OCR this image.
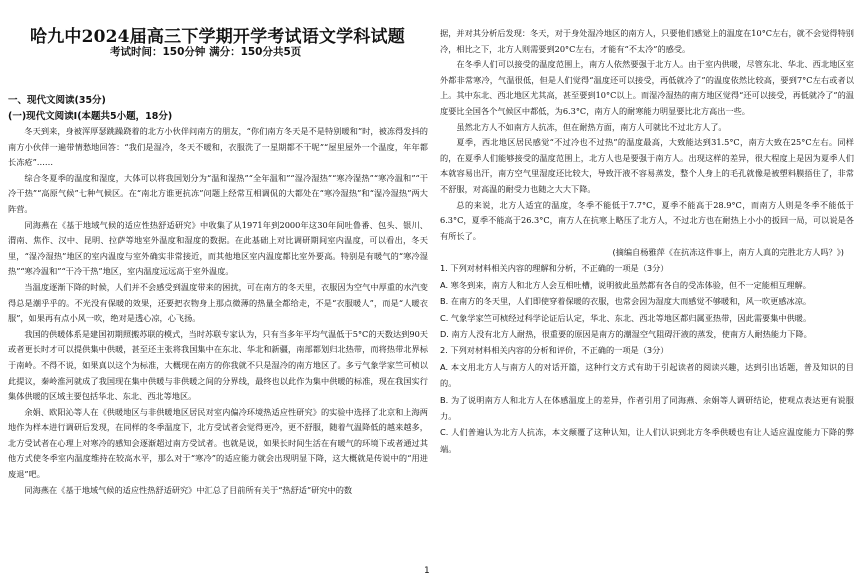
哈九中2024届高三下学期开学考试语文学科试题
考试时间：150分钟 满分：150分共5页
一、现代文阅读(35分)
(一)现代文阅读Ⅰ(本题共5小题，18分)

冬天到来，身被浑厚瑟跳躁跷着的北方小伙伴问南方的朋友，“你们南方冬天是不是特别暖和”时，被冻得发抖的南方小伙伴一遍带情愁地回答：“我们是湿冷，冬天不暖和，衣服洗了一星期都不干呢”“屋里屋外一个温度，年年都长冻疮”……

综合冬夏季的温度和湿度，大体可以将我国划分为“温和湿热”“全年温和”“湿冷湿热”“寒冷湿热”“寒冷温和”“干冷干热”“高原气候”七种气候区。在“南北方谁更抗冻”问题上经常互相调侃的大都处在“寒冷湿热”和“湿冷湿热”两大阵营。

同海燕在《基于地域气候的适应性热舒适研究》中收集了从1971年到2000年这30年间吐鲁番、包头、银川、渭南、焦作、汉中、昆明、拉萨等地室外温度和湿度的数据。在此基础上对比调研期间室内温度，可以看出，冬天里，“湿冷湿热”地区的室内温度与室外确实非常接近，而其他地区室内温度都比室外要高。特别是有暖气的“寒冷湿热”“寒冷温和”“干冷干热”地区，室内温度远远高于室外温度。

当温度逐渐下降的时候，人们并不会感受到温度带来的困扰，可在南方的冬天里，衣服因为空气中厚重的水汽变得总是潮乎乎的。不光没有保暖的效果，还要把衣物身上那点微薄的热量全都给走，不是“衣服暖人”，而是“人暖衣服”，如果再有点小风一吹，绝对是透心凉，心飞扬。

我国的供暖体系是建国初期照搬苏联的模式，当时苏联专家认为，只有当多年平均气温低于5°C的天数达到90天或者更长时才可以提供集中供暖，甚至还主张将我国集中在东北、华北和新疆，南部都划归北热带，而将热带北界标于南岭。不得不说，如果真以这个为标准，大概现在南方的你我就不只是湿冷的南方地区了。多亏气象学家竺可桢以此提议，秦岭淮河就成了我国现在集中供暖与非供暖之间的分界线，最终也以此作为集中供暖的标准，现在我国实行集体供暖的区域主要包括华北、东北、西北等地区。

余娟、欧阳沁等人在《供暖地区与非供暖地区居民对室内偏冷环境热适应性研究》的实验中选择了北京和上海两地作为样本进行调研后发现，在同样的冬季温度下，北方受试者会觉得更冷，更不舒服，随着气温降低的越来越多，北方受试者在心理上对寒冷的感知会逐渐超过南方受试者。也就是说，如果长时间生活在有暖气的环境下或者通过其他方式使冬季室内温度维持在较高水平，那么对于“寒冷”的适应能力就会出现明显下降，这大概就是传说中的“用进废退”吧。

同海燕在《基于地域气候的适应性热舒适研究》中汇总了目前所有关于“热舒适”研究中的数

据，并对其分析后发现：冬天，对于身处湿冷地区的南方人，只要他们感觉上的温度在10°C左右，就不会觉得特别冷，相比之下，北方人则需要到20°C左右，才能有“不太冷”的感受。

在冬季人们可以接受的温度范围上，南方人依然要强于北方人。由于室内供暖，尽管东北、华北、西北地区室外都非常寒冷，气温很低，但是人们觉得“温度还可以接受，再低就冷了”的温度依然比较高，要到7°C左右或者以上。其中东北、西北地区尤其高，甚至要到10°C以上。而湿冷湿热的南方地区觉得“还可以接受，再低就冷了”的温度要比全国各个气候区中都低，为6.3°C，南方人的耐寒能力明显要比北方高出一些。

虽然北方人不如南方人抗冻，但在耐热方面，南方人可就比不过北方人了。

夏季，西北地区居民感觉“不过冷也不过热”的温度最高，大致能达到31.5°C，南方大致在25°C左右。同样的，在夏季人们能够接受的温度范围上，北方人也是要强于南方人。出现这样的差异，很大程度上是因为夏季人们本就容易出汗，南方空气里湿度还比较大，导致汗液不容易蒸发，整个人身上的毛孔就像是被塑料膜捂住了，非常不舒服，对高温的耐受力也随之大大下降。

总的来说，北方人适宜的温度，冬季不能低于7.7°C，夏季不能高于28.9°C，而南方人则是冬季不能低于6.3°C，夏季不能高于26.3°C，南方人在抗寒上略压了北方人，不过北方也在耐热上小小的扳回一局，可以说是各有所长了。

(摘编自杨雅萍《在抗冻这件事上，南方人真的完胜北方人吗？》)

1. 下列对材料相关内容的理解和分析，不正确的一项是（3分）

A. 寒冬到来，南方人和北方人会互相吐槽，说明彼此虽然都有各自的受冻体验，但不一定能相互理解。

B. 在南方的冬天里，人们即使穿着保暖的衣服，也常会因为湿度大而感觉不够暖和，风一吹更感冰凉。

C. 气象学家竺可桢经过科学论证后认定，华北、东北、西北等地区都归属亚热带，因此需要集中供暖。

D. 南方人没有北方人耐热，很重要的原因是南方的潮湿空气阻碍汗液的蒸发，使南方人耐热能力下降。

2. 下列对材料相关内容的分析和评价，不正确的一项是（3分）

A. 本文用北方人与南方人的对话开篇，这种行文方式有助于引起读者的阅读兴趣，达到引出话题，普及知识的目的。

B. 为了说明南方人和北方人在体感温度上的差异，作者引用了同海燕、余娟等人调研结论，使观点表达更有说服力。

C. 人们普遍认为北方人抗冻，本文颠覆了这种认知，让人们认识到北方冬季供暖也有让人适应温度能力下降的弊端。

1
